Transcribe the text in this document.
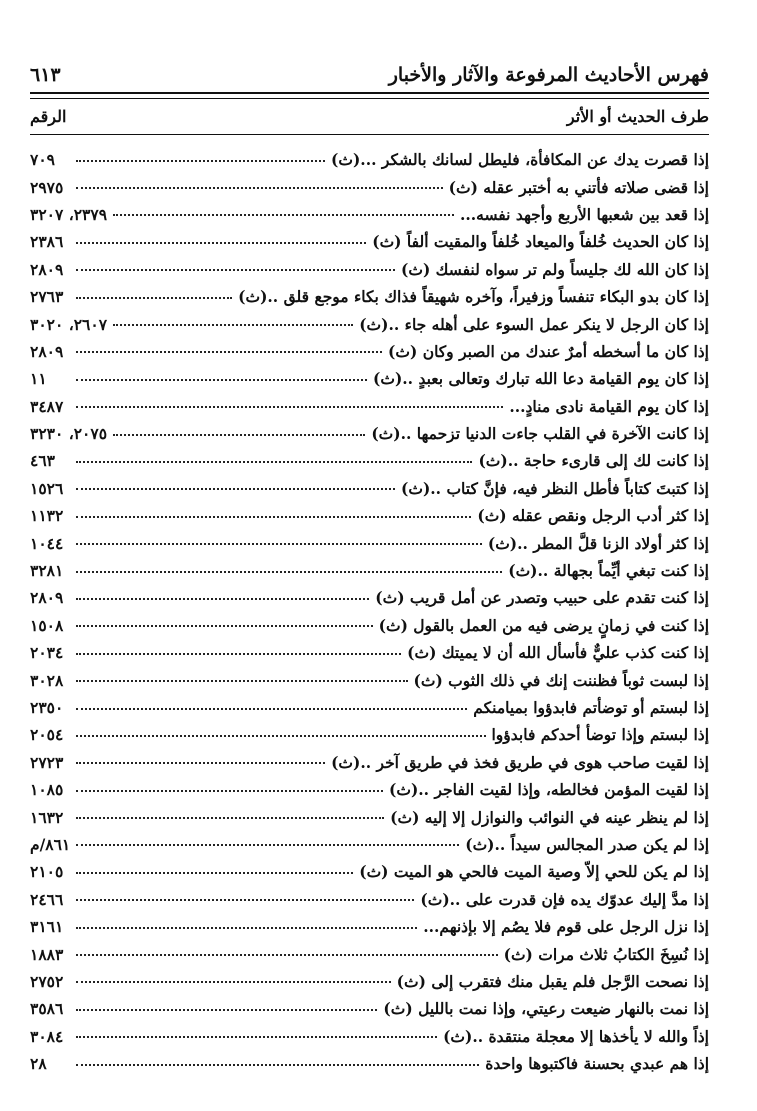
فهرس الأحاديث المرفوعة والآثار والأخبار
٦١٣
طرف الحديث أو الأثر
الرقم
إذا قصرت يدك عن المكافأة، فليطل لسانك بالشكر ...(ث)
٧٠٩
إذا قضى صلاته فأتني به أختبر عقله (ث)
٢٩٧٥
إذا قعد بين شعبها الأربع وأجهد نفسه...
٢٣٧٩، ٣٢٠٧
إذا كان الحديث خُلفاً والميعاد خُلفاً والمقيت ألفاً (ث)
٢٣٨٦
إذا كان الله لك جليساً ولم تر سواه لنفسك (ث)
٢٨٠٩
إذا كان بدو البكاء تنفساً وزفيراً، وآخره شهيقاً فذاك بكاء موجع قلق ..(ث)
٢٧٦٣
إذا كان الرجل لا ينكر عمل السوء على أهله جاء ..(ث)
٢٦٠٧، ٣٠٢٠
إذا كان ما أسخطه أمرٌ عندك من الصبر وكان (ث)
٢٨٠٩
إذا كان يوم القيامة دعا الله تبارك وتعالى بعبدٍ ..(ث)
١١
إذا كان يوم القيامة نادى منادٍ...
٣٤٨٧
إذا كانت الآخرة في القلب جاءت الدنيا تزحمها ..(ث)
٢٠٧٥، ٣٢٣٠
إذا كانت لك إلى قارىء حاجة ..(ث)
٤٦٣
إذا كتبتَ كتاباً فأطل النظر فيه، فإنَّ كتاب ..(ث)
١٥٢٦
إذا كثر أدب الرجل ونقص عقله (ث)
١١٣٢
إذا كثر أولاد الزنا قلَّ المطر ..(ث)
١٠٤٤
إذا كنت تبغي أيِّماً بجهالة ..(ث)
٣٢٨١
إذا كنت تقدم على حبيب وتصدر عن أمل قريب (ث)
٢٨٠٩
إذا كنت في زمانٍ يرضى فيه من العمل بالقول (ث)
١٥٠٨
إذا كنت كذب عليٌّ فأسأل الله أن لا يميتك (ث)
٢٠٣٤
إذا لبست ثوباً فظننت إنك في ذلك الثوب (ث)
٣٠٢٨
إذا لبستم أو توضأتم فابدؤوا بميامنكم
٢٣٥٠
إذا لبستم وإذا توضأ أحدكم فابدؤوا
٢٠٥٤
إذا لقيت صاحب هوى في طريق فخذ في طريق آخر ..(ث)
٢٧٢٣
إذا لقيت المؤمن فخالطه، وإذا لقيت الفاجر ..(ث)
١٠٨٥
إذا لم ينظر عينه في النوائب والنوازل إلا إليه (ث)
١٦٣٢
إذا لم يكن صدر المجالس سيداً ..(ث)
٨٦١/م
إذا لم يكن للحي إلاّ وصية الميت فالحي هو الميت (ث)
٢١٠٥
إذا مدَّ إليك عدوّك يده فإن قدرت على ..(ث)
٢٤٦٦
إذا نزل الرجل على قوم فلا يصُم إلا بإذنهم...
٣١٦١
إذا نُسِخَ الكتابُ ثلاث مرات (ث)
١٨٨٣
إذا نصحت الرَّجل فلم يقبل منك فتقرب إلى (ث)
٢٧٥٢
إذا نمت بالنهار ضيعت رعيتي، وإذا نمت بالليل (ث)
٣٥٨٦
إذاً والله لا يأخذها إلا معجلة منتقدة ..(ث)
٣٠٨٤
إذا هم عبدي بحسنة فاكتبوها واحدة
٢٨
